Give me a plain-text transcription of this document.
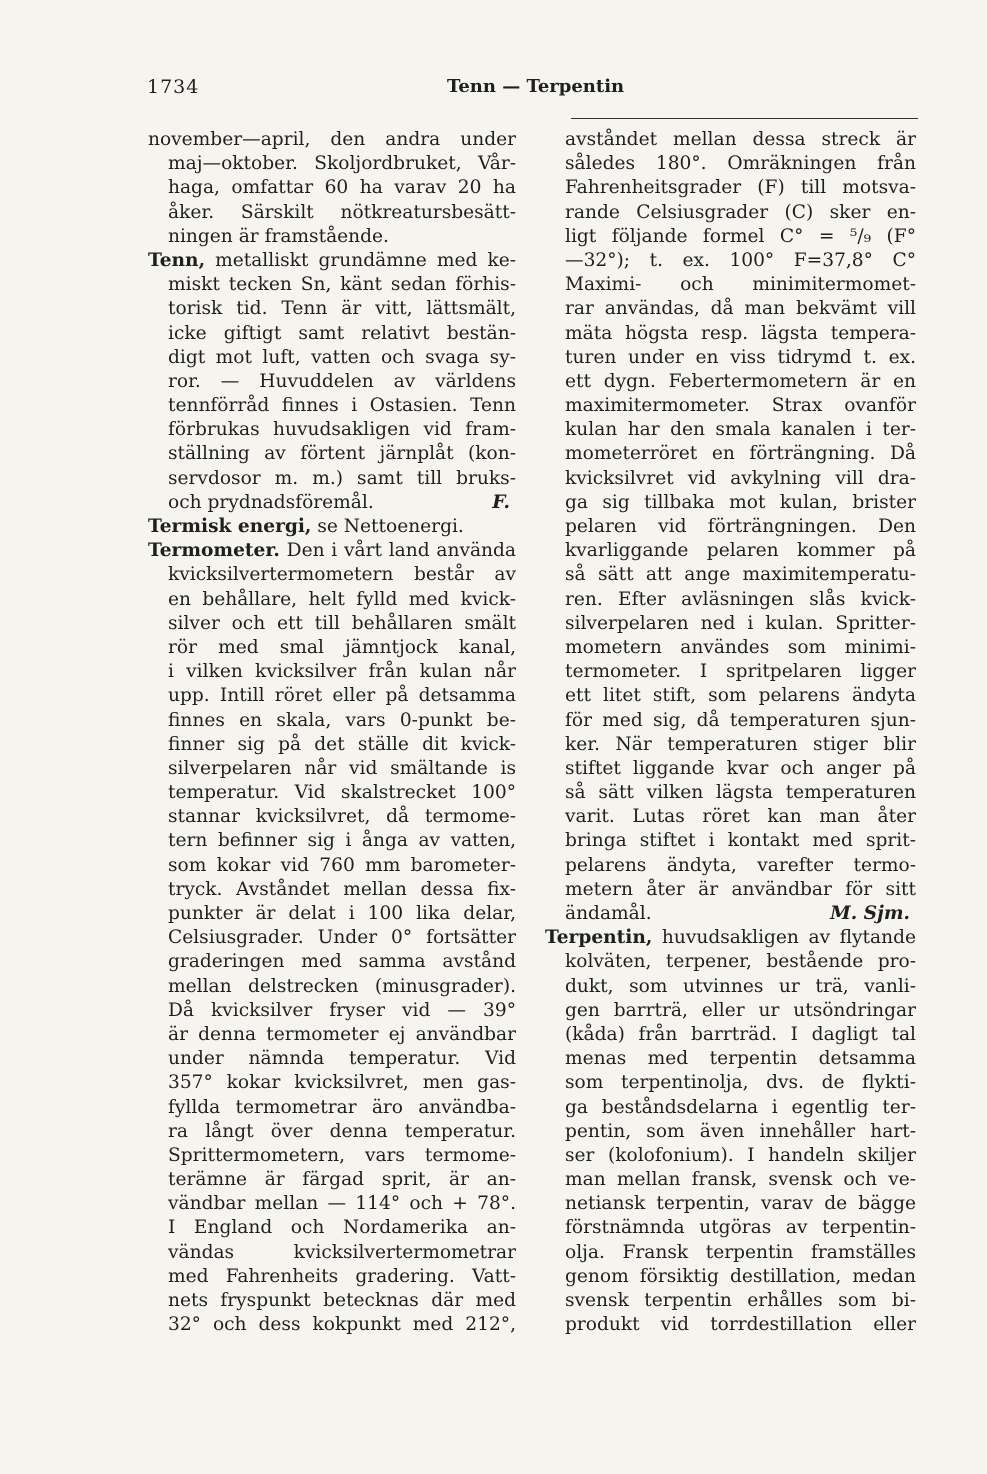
1734	Tenn — Terpentin
november—april, den andra under
maj—oktober. Skoljordbruket, Vår-
haga, omfattar 60 ha varav 20 ha
åker. Särskilt nötkreatursbesätt-
ningen är framstående.
Tenn, metalliskt grundämne med ke-
miskt tecken Sn, känt sedan förhis-
torisk tid. Tenn är vitt, lättsmält,
icke giftigt samt relativt bestän-
digt mot luft, vatten och svaga sy-
ror. — Huvuddelen av världens
tennförråd finnes i Ostasien. Tenn
förbrukas huvudsakligen vid fram-
ställning av förtent järnplåt (kon-
servdosor m. m.) samt till bruks-
och prydnadsföremål.	F.
Termisk energi, se Nettoenergi.
Termometer. Den i vårt land använda
kvicksilvertermometern består av
en behållare, helt fylld med kvick-
silver och ett till behållaren smält
rör med smal jämntjock kanal,
i vilken kvicksilver från kulan når
upp. Intill röret eller på detsamma
finnes en skala, vars 0-punkt be-
finner sig på det ställe dit kvick-
silverpelaren når vid smältande is
temperatur. Vid skalstrecket 100°
stannar kvicksilvret, då termome-
tern befinner sig i ånga av vatten,
som kokar vid 760 mm barometer-
tryck. Avståndet mellan dessa fix-
punkter är delat i 100 lika delar,
Celsiusgrader. Under 0° fortsätter
graderingen med samma avstånd
mellan delstrecken (minusgrader).
Då kvicksilver fryser vid — 39°
är denna termometer ej användbar
under nämnda temperatur. Vid
357° kokar kvicksilvret, men gas-
fyllda termometrar äro användba-
ra långt över denna temperatur.
Sprittermometern, vars termome-
terämne är färgad sprit, är an-
vändbar mellan — 114° och + 78°.
I England och Nordamerika an-
vändas kvicksilvertermometrar
med Fahrenheits gradering. Vatt-
nets fryspunkt betecknas där med
32° och dess kokpunkt med 212°,
avståndet mellan dessa streck är
således 180°. Omräkningen från
Fahrenheitsgrader (F) till motsva-
rande Celsiusgrader (C) sker en-
ligt följande formel C° = ⁵/₉ (F°
—32°); t. ex. 100° F=37,8° C°
Maximi- och minimitermomet-
rar användas, då man bekvämt vill
mäta högsta resp. lägsta tempera-
turen under en viss tidrymd t. ex.
ett dygn. Febertermometern är en
maximitermometer. Strax ovanför
kulan har den smala kanalen i ter-
mometerröret en förträngning. Då
kvicksilvret vid avkylning vill dra-
ga sig tillbaka mot kulan, brister
pelaren vid förträngningen. Den
kvarliggande pelaren kommer på
så sätt att ange maximitemperatu-
ren. Efter avläsningen slås kvick-
silverpelaren ned i kulan. Spritter-
mometern användes som minimi-
termometer. I spritpelaren ligger
ett litet stift, som pelarens ändyta
för med sig, då temperaturen sjun-
ker. När temperaturen stiger blir
stiftet liggande kvar och anger på
så sätt vilken lägsta temperaturen
varit. Lutas röret kan man åter
bringa stiftet i kontakt med sprit-
pelarens ändyta, varefter termo-
metern åter är användbar för sitt
ändamål.	M. Sjm.
Terpentin, huvudsakligen av flytande
kolväten, terpener, bestående pro-
dukt, som utvinnes ur trä, vanli-
gen barrträ, eller ur utsöndringar
(kåda) från barrträd. I dagligt tal
menas med terpentin detsamma
som terpentinolja, dvs. de flykti-
ga beståndsdelarna i egentlig ter-
pentin, som även innehåller hart-
ser (kolofonium). I handeln skiljer
man mellan fransk, svensk och ve-
netiansk terpentin, varav de bägge
förstnämnda utgöras av terpentin-
olja. Fransk terpentin framställes
genom försiktig destillation, medan
svensk terpentin erhålles som bi-
produkt vid torrdestillation eller
